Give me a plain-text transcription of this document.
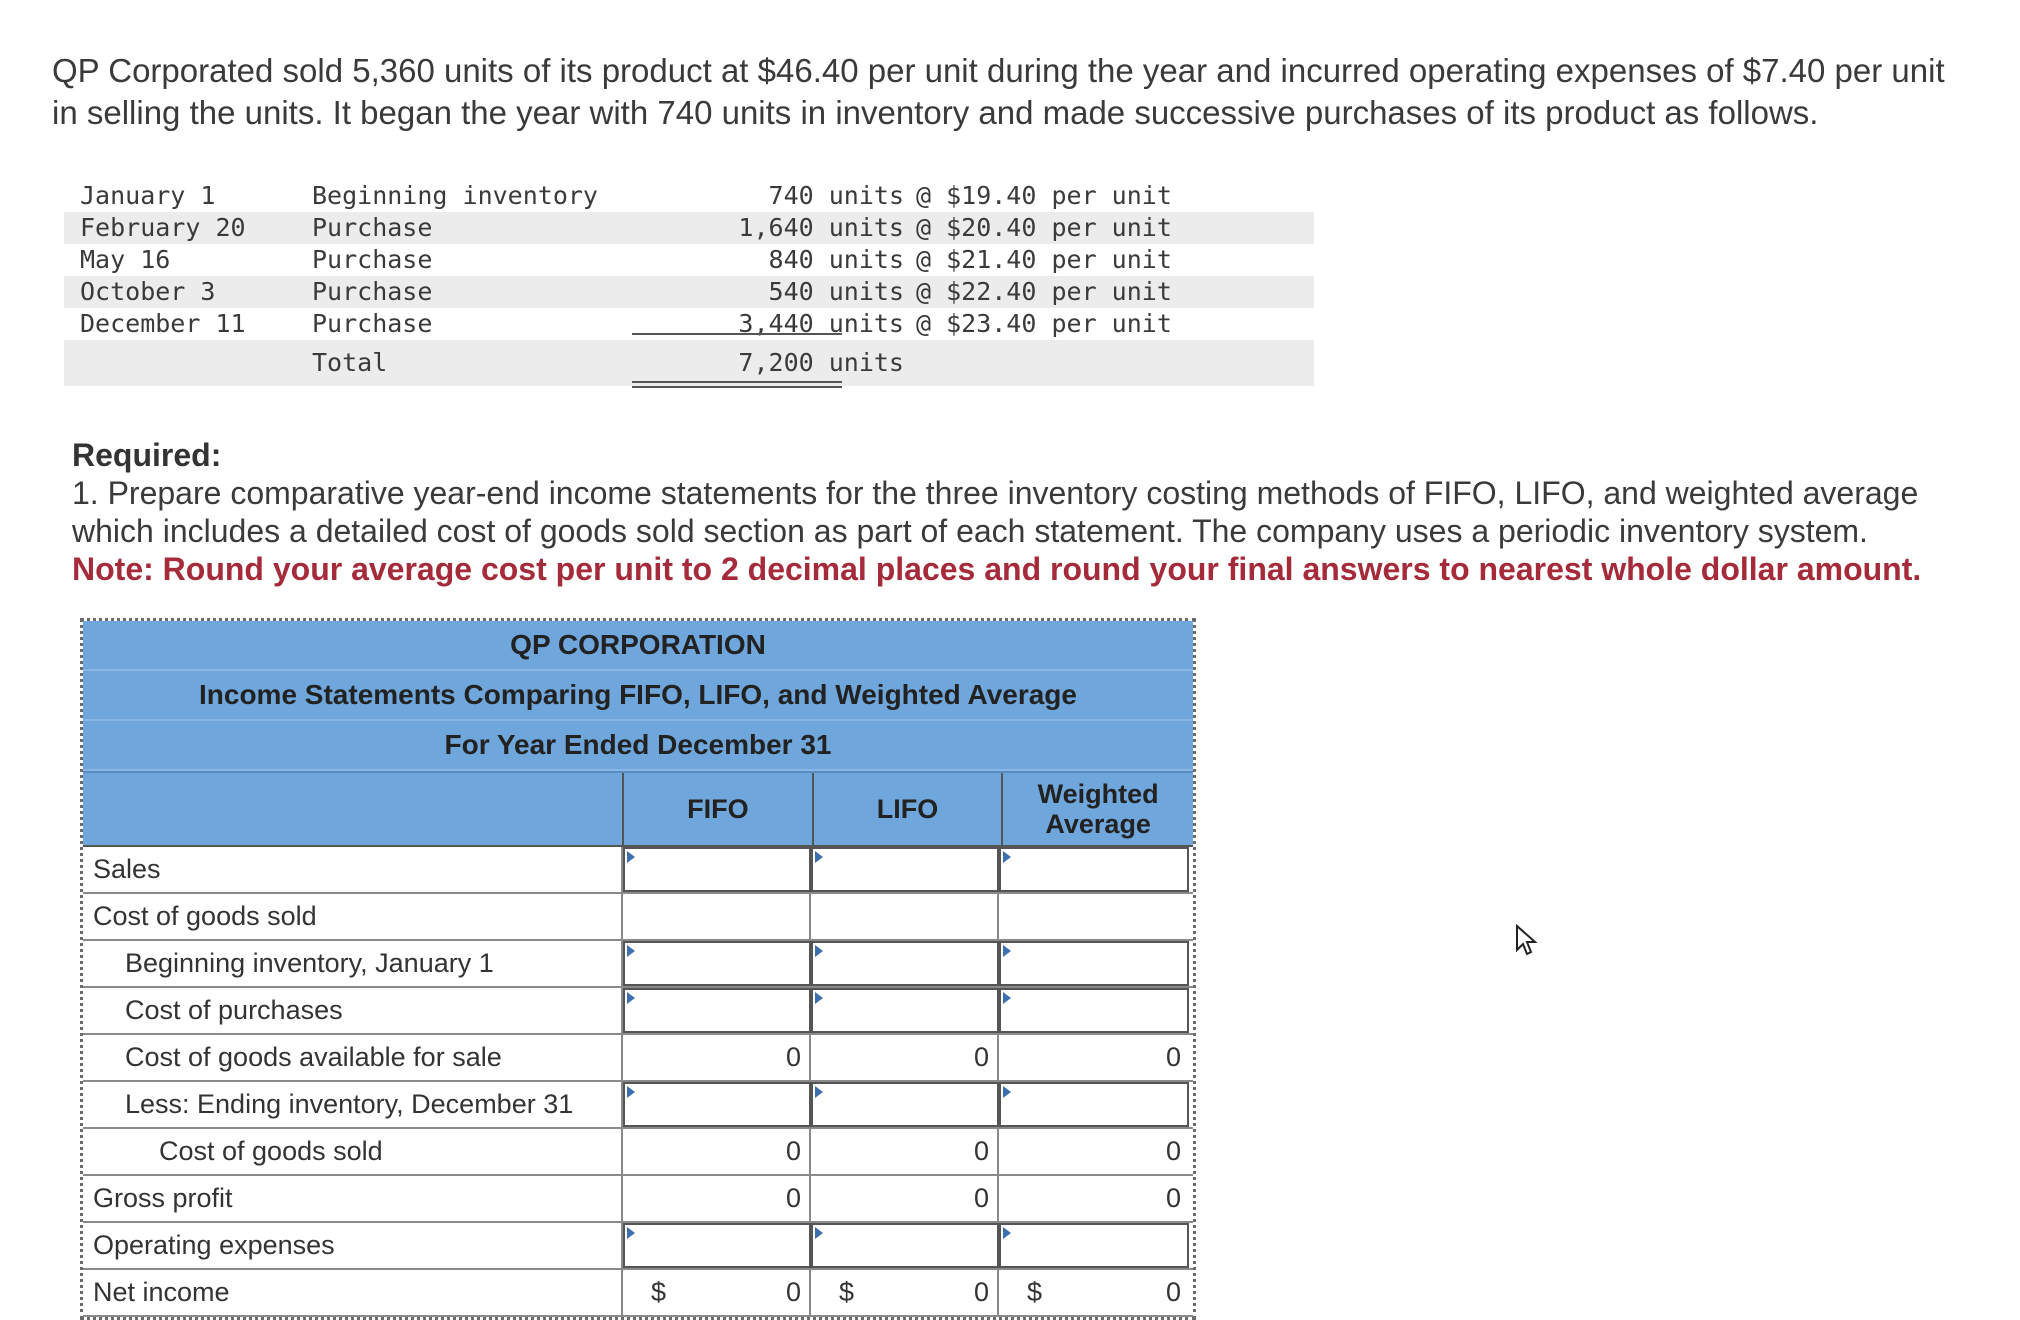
QP Corporated sold 5,360 units of its product at $46.40 per unit during the year and incurred operating expenses of $7.40 per unit in selling the units. It began the year with 740 units in inventory and made successive purchases of its product as follows.
January 1	Beginning inventory	740 units @ $19.40 per unit
February 20	Purchase	1,640 units @ $20.40 per unit
May 16	Purchase	840 units @ $21.40 per unit
October 3	Purchase	540 units @ $22.40 per unit
December 11	Purchase	3,440 units @ $23.40 per unit
Total	7,200 units
Required:
1. Prepare comparative year-end income statements for the three inventory costing methods of FIFO, LIFO, and weighted average which includes a detailed cost of goods sold section as part of each statement. The company uses a periodic inventory system.
Note: Round your average cost per unit to 2 decimal places and round your final answers to nearest whole dollar amount.
QP CORPORATION
Income Statements Comparing FIFO, LIFO, and Weighted Average
For Year Ended December 31
FIFO	LIFO	Weighted Average
Sales
Cost of goods sold
Beginning inventory, January 1
Cost of purchases
Cost of goods available for sale	0	0	0
Less: Ending inventory, December 31
Cost of goods sold	0	0	0
Gross profit	0	0	0
Operating expenses
Net income	$	0	$	0	$	0
